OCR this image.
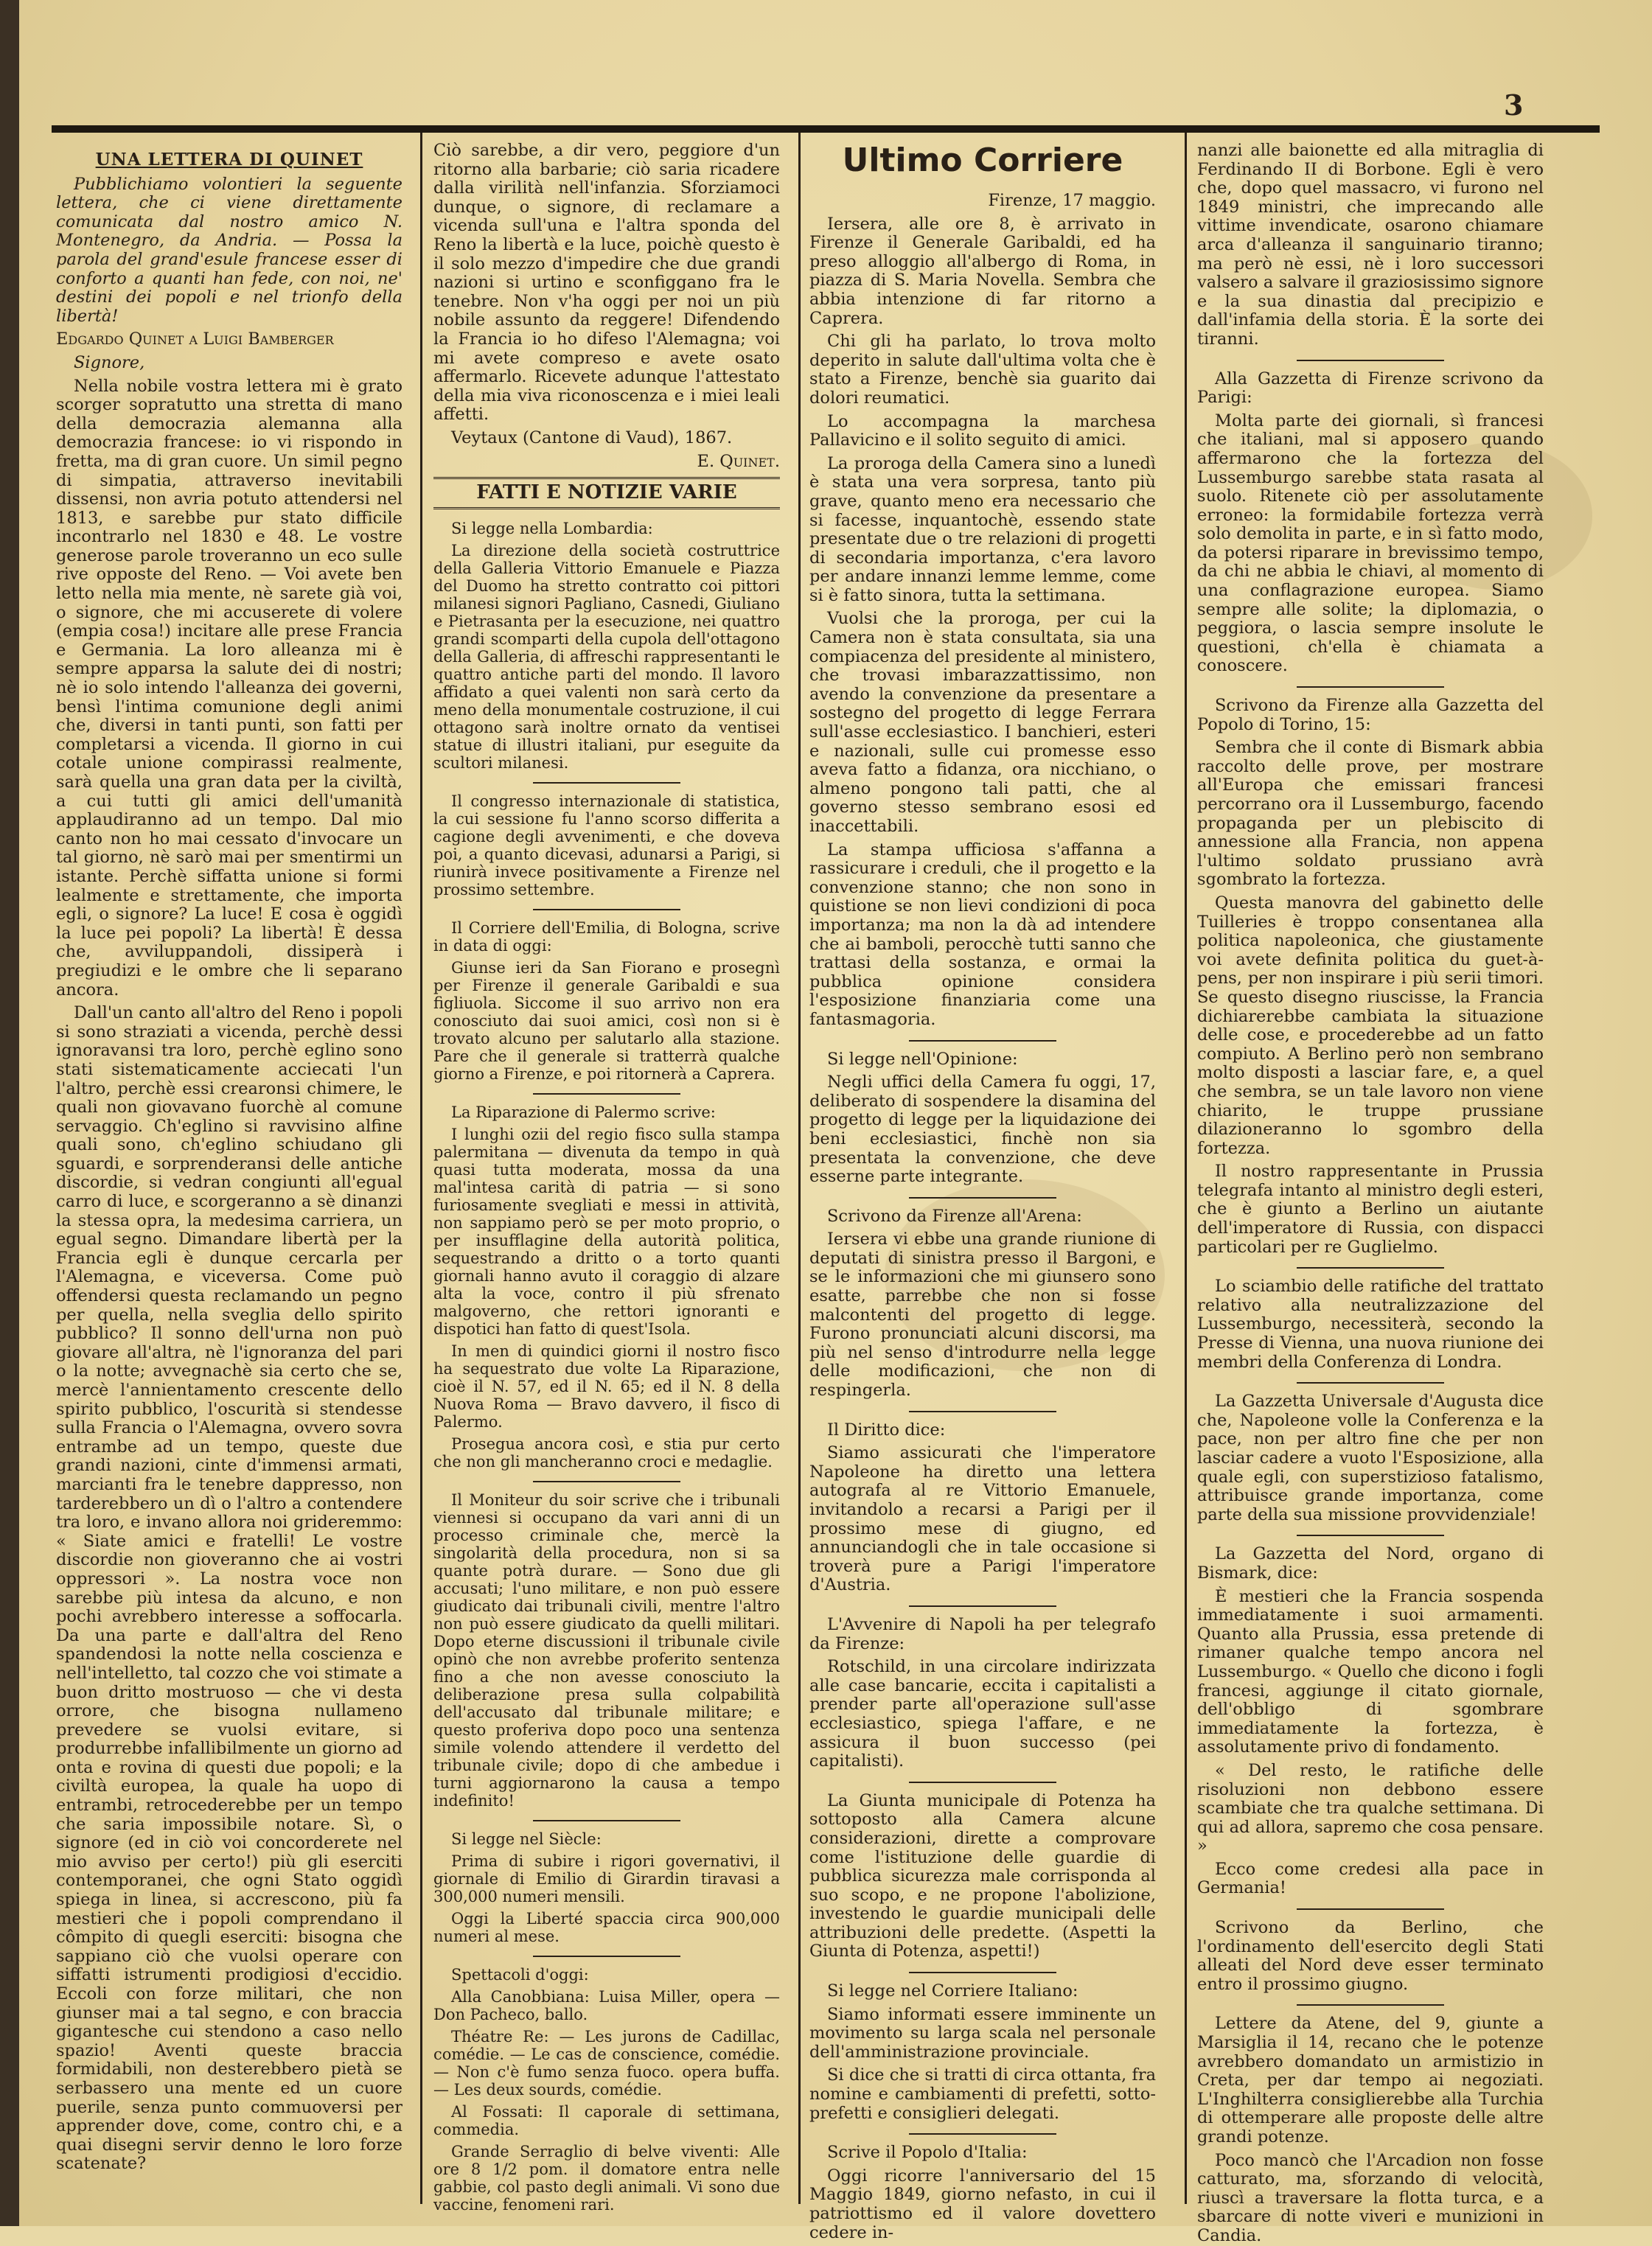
3

UNA LETTERA DI QUINET

Pubblichiamo volontieri la seguente lettera, che ci viene direttamente comunicata dal nostro amico N. Montenegro, da Andria. — Possa la parola del grand'esule francese esser di conforto a quanti han fede, con noi, ne' destini dei popoli e nel trionfo della libertà!

Edgardo Quinet a Luigi Bamberger

Signore,

Nella nobile vostra lettera mi è grato scorger sopratutto una stretta di mano della democrazia alemanna alla democrazia francese: io vi rispondo in fretta, ma di gran cuore. Un simil pegno di simpatia, attraverso inevitabili dissensi, non avria potuto attendersi nel 1813, e sarebbe pur stato difficile incontrarlo nel 1830 e 48. Le vostre generose parole troveranno un eco sulle rive opposte del Reno. — Voi avete ben letto nella mia mente, nè sarete già voi, o signore, che mi accuserete di volere (empia cosa!) incitare alle prese Francia e Germania. La loro alleanza mi è sempre apparsa la salute dei di nostri; nè io solo intendo l'alleanza dei governi, bensì l'intima comunione degli animi che, diversi in tanti punti, son fatti per completarsi a vicenda. Il giorno in cui cotale unione compirassi realmente, sarà quella una gran data per la civiltà, a cui tutti gli amici dell'umanità applaudiranno ad un tempo. Dal mio canto non ho mai cessato d'invocare un tal giorno, nè sarò mai per smentirmi un istante. Perchè siffatta unione si formi lealmente e strettamente, che importa egli, o signore? La luce! E cosa è oggidì la luce pei popoli? La libertà! È dessa che, avviluppandoli, dissiperà i pregiudizi e le ombre che li separano ancora.

Dall'un canto all'altro del Reno i popoli si sono straziati a vicenda, perchè dessi ignoravansi tra loro, perchè eglino sono stati sistematicamente acciecati l'un l'altro, perchè essi crearonsi chimere, le quali non giovavano fuorchè al comune servaggio. Ch'eglino si ravvisino alfine quali sono, ch'eglino schiudano gli sguardi, e sorprenderansi delle antiche discordie, si vedran congiunti all'egual carro di luce, e scorgeranno a sè dinanzi la stessa opra, la medesima carriera, un egual segno. Dimandare libertà per la Francia egli è dunque cercarla per l'Alemagna, e viceversa. Come può offendersi questa reclamando un pegno per quella, nella sveglia dello spirito pubblico? Il sonno dell'urna non può giovare all'altra, nè l'ignoranza del pari o la notte; avvegnachè sia certo che se, mercè l'annientamento crescente dello spirito pubblico, l'oscurità si stendesse sulla Francia o l'Alemagna, ovvero sovra entrambe ad un tempo, queste due grandi nazioni, cinte d'immensi armati, marcianti fra le tenebre dappresso, non tarderebbero un dì o l'altro a contendere tra loro, e invano allora noi grideremmo: « Siate amici e fratelli! Le vostre discordie non gioveranno che ai vostri oppressori ». La nostra voce non sarebbe più intesa da alcuno, e non pochi avrebbero interesse a soffocarla. Da una parte e dall'altra del Reno spandendosi la notte nella coscienza e nell'intelletto, tal cozzo che voi stimate a buon dritto mostruoso — che vi desta orrore, che bisogna nullameno prevedere se vuolsi evitare, si produrrebbe infallibilmente un giorno ad onta e rovina di questi due popoli; e la civiltà europea, la quale ha uopo di entrambi, retrocederebbe per un tempo che saria impossibile notare. Sì, o signore (ed in ciò voi concorderete nel mio avviso per certo!) più gli eserciti contemporanei, che ogni Stato oggidì spiega in linea, si accrescono, più fa mestieri che i popoli comprendano il cômpito di quegli eserciti: bisogna che sappiano ciò che vuolsi operare con siffatti istrumenti prodigiosi d'eccidio. Eccoli con forze militari, che non giunser mai a tal segno, e con braccia gigantesche cui stendono a caso nello spazio! Aventi queste braccia formidabili, non desterebbero pietà se serbassero una mente ed un cuore puerile, senza punto commuoversi per apprender dove, come, contro chi, e a quai disegni servir denno le loro forze scatenate?

Ciò sarebbe, a dir vero, peggiore d'un ritorno alla barbarie; ciò saria ricadere dalla virilità nell'infanzia. Sforziamoci dunque, o signore, di reclamare a vicenda sull'una e l'altra sponda del Reno la libertà e la luce, poichè questo è il solo mezzo d'impedire che due grandi nazioni si urtino e sconfiggano fra le tenebre. Non v'ha oggi per noi un più nobile assunto da reggere! Difendendo la Francia io ho difeso l'Alemagna; voi mi avete compreso e avete osato affermarlo. Ricevete adunque l'attestato della mia viva riconoscenza e i miei leali affetti.

Veytaux (Cantone di Vaud), 1867.

E. Quinet.

FATTI E NOTIZIE VARIE

Si legge nella Lombardia:

La direzione della società costruttrice della Galleria Vittorio Emanuele e Piazza del Duomo ha stretto contratto coi pittori milanesi signori Pagliano, Casnedi, Giuliano e Pietrasanta per la esecuzione, nei quattro grandi scomparti della cupola dell'ottagono della Galleria, di affreschi rappresentanti le quattro antiche parti del mondo. Il lavoro affidato a quei valenti non sarà certo da meno della monumentale costruzione, il cui ottagono sarà inoltre ornato da ventisei statue di illustri italiani, pur eseguite da scultori milanesi.

Il congresso internazionale di statistica, la cui sessione fu l'anno scorso differita a cagione degli avvenimenti, e che doveva poi, a quanto dicevasi, adunarsi a Parigi, si riunirà invece positivamente a Firenze nel prossimo settembre.

Il Corriere dell'Emilia, di Bologna, scrive in data di oggi:

Giunse ieri da San Fiorano e prosegnì per Firenze il generale Garibaldi e sua figliuola. Siccome il suo arrivo non era conosciuto dai suoi amici, così non si è trovato alcuno per salutarlo alla stazione. Pare che il generale si tratterrà qualche giorno a Firenze, e poi ritornerà a Caprera.

La Riparazione di Palermo scrive:

I lunghi ozii del regio fisco sulla stampa palermitana — divenuta da tempo in quà quasi tutta moderata, mossa da una mal'intesa carità di patria — si sono furiosamente svegliati e messi in attività, non sappiamo però se per moto proprio, o per insufflagine della autorità politica, sequestrando a dritto o a torto quanti giornali hanno avuto il coraggio di alzare alta la voce, contro il più sfrenato malgoverno, che rettori ignoranti e dispotici han fatto di quest'Isola.

In men di quindici giorni il nostro fisco ha sequestrato due volte La Riparazione, cioè il N. 57, ed il N. 65; ed il N. 8 della Nuova Roma — Bravo davvero, il fisco di Palermo.

Prosegua ancora così, e stia pur certo che non gli mancheranno croci e medaglie.

Il Moniteur du soir scrive che i tribunali viennesi si occupano da vari anni di un processo criminale che, mercè la singolarità della procedura, non si sa quante potrà durare. — Sono due gli accusati; l'uno militare, e non può essere giudicato dai tribunali civili, mentre l'altro non può essere giudicato da quelli militari. Dopo eterne discussioni il tribunale civile opinò che non avrebbe proferito sentenza fino a che non avesse conosciuto la deliberazione presa sulla colpabilità dell'accusato dal tribunale militare; e questo proferiva dopo poco una sentenza simile volendo attendere il verdetto del tribunale civile; dopo di che ambedue i turni aggiornarono la causa a tempo indefinito!

Si legge nel Siècle:

Prima di subire i rigori governativi, il giornale di Emilio di Girardin tiravasi a 300,000 numeri mensili.

Oggi la Liberté spaccia circa 900,000 numeri al mese.

Spettacoli d'oggi:

Alla Canobbiana: Luisa Miller, opera — Don Pacheco, ballo.

Théatre Re: — Les jurons de Cadillac, comédie. — Le cas de conscience, comédie. — Non c'è fumo senza fuoco. opera buffa. — Les deux sourds, comédie.

Al Fossati: Il caporale di settimana, commedia.

Grande Serraglio di belve viventi: Alle ore 8 1/2 pom. il domatore entra nelle gabbie, col pasto degli animali. Vi sono due vaccine, fenomeni rari.

Ultimo Corriere

Firenze, 17 maggio.

Iersera, alle ore 8, è arrivato in Firenze il Generale Garibaldi, ed ha preso alloggio all'albergo di Roma, in piazza di S. Maria Novella. Sembra che abbia intenzione di far ritorno a Caprera.

Chi gli ha parlato, lo trova molto deperito in salute dall'ultima volta che è stato a Firenze, benchè sia guarito dai dolori reumatici.

Lo accompagna la marchesa Pallavicino e il solito seguito di amici.

La proroga della Camera sino a lunedì è stata una vera sorpresa, tanto più grave, quanto meno era necessario che si facesse, inquantochè, essendo state presentate due o tre relazioni di progetti di secondaria importanza, c'era lavoro per andare innanzi lemme lemme, come si è fatto sinora, tutta la settimana.

Vuolsi che la proroga, per cui la Camera non è stata consultata, sia una compiacenza del presidente al ministero, che trovasi imbarazzattissimo, non avendo la convenzione da presentare a sostegno del progetto di legge Ferrara sull'asse ecclesiastico. I banchieri, esteri e nazionali, sulle cui promesse esso aveva fatto a fidanza, ora nicchiano, o almeno pongono tali patti, che al governo stesso sembrano esosi ed inaccettabili.

La stampa ufficiosa s'affanna a rassicurare i creduli, che il progetto e la convenzione stanno; che non sono in quistione se non lievi condizioni di poca importanza; ma non la dà ad intendere che ai bamboli, perocchè tutti sanno che trattasi della sostanza, e ormai la pubblica opinione considera l'esposizione finanziaria come una fantasmagoria.

Si legge nell'Opinione:

Negli uffici della Camera fu oggi, 17, deliberato di sospendere la disamina del progetto di legge per la liquidazione dei beni ecclesiastici, finchè non sia presentata la convenzione, che deve esserne parte integrante.

Scrivono da Firenze all'Arena:

Iersera vi ebbe una grande riunione di deputati di sinistra presso il Bargoni, e se le informazioni che mi giunsero sono esatte, parrebbe che non si fosse malcontenti del progetto di legge. Furono pronunciati alcuni discorsi, ma più nel senso d'introdurre nella legge delle modificazioni, che non di respingerla.

Il Diritto dice:

Siamo assicurati che l'imperatore Napoleone ha diretto una lettera autografa al re Vittorio Emanuele, invitandolo a recarsi a Parigi per il prossimo mese di giugno, ed annunciandogli che in tale occasione si troverà pure a Parigi l'imperatore d'Austria.

L'Avvenire di Napoli ha per telegrafo da Firenze:

Rotschild, in una circolare indirizzata alle case bancarie, eccita i capitalisti a prender parte all'operazione sull'asse ecclesiastico, spiega l'affare, e ne assicura il buon successo (pei capitalisti).

La Giunta municipale di Potenza ha sottoposto alla Camera alcune considerazioni, dirette a comprovare come l'istituzione delle guardie di pubblica sicurezza male corrisponda al suo scopo, e ne propone l'abolizione, investendo le guardie municipali delle attribuzioni delle predette. (Aspetti la Giunta di Potenza, aspetti!)

Si legge nel Corriere Italiano:

Siamo informati essere imminente un movimento su larga scala nel personale dell'amministrazione provinciale.

Si dice che si tratti di circa ottanta, fra nomine e cambiamenti di prefetti, sotto-prefetti e consiglieri delegati.

Scrive il Popolo d'Italia:

Oggi ricorre l'anniversario del 15 Maggio 1849, giorno nefasto, in cui il patriottismo ed il valore dovettero cedere in-

nanzi alle baionette ed alla mitraglia di Ferdinando II di Borbone. Egli è vero che, dopo quel massacro, vi furono nel 1849 ministri, che imprecando alle vittime invendicate, osarono chiamare arca d'alleanza il sanguinario tiranno; ma però nè essi, nè i loro successori valsero a salvare il graziosissimo signore e la sua dinastia dal precipizio e dall'infamia della storia. È la sorte dei tiranni.

Alla Gazzetta di Firenze scrivono da Parigi:

Molta parte dei giornali, sì francesi che italiani, mal si apposero quando affermarono che la fortezza del Lussemburgo sarebbe stata rasata al suolo. Ritenete ciò per assolutamente erroneo: la formidabile fortezza verrà solo demolita in parte, e in sì fatto modo, da potersi riparare in brevissimo tempo, da chi ne abbia le chiavi, al momento di una conflagrazione europea. Siamo sempre alle solite; la diplomazia, o peggiora, o lascia sempre insolute le questioni, ch'ella è chiamata a conoscere.

Scrivono da Firenze alla Gazzetta del Popolo di Torino, 15:

Sembra che il conte di Bismark abbia raccolto delle prove, per mostrare all'Europa che emissari francesi percorrano ora il Lussemburgo, facendo propaganda per un plebiscito di annessione alla Francia, non appena l'ultimo soldato prussiano avrà sgombrato la fortezza.

Questa manovra del gabinetto delle Tuilleries è troppo consentanea alla politica napoleonica, che giustamente voi avete definita politica du guet-à-pens, per non inspirare i più serii timori. Se questo disegno riuscisse, la Francia dichiarerebbe cambiata la situazione delle cose, e procederebbe ad un fatto compiuto. A Berlino però non sembrano molto disposti a lasciar fare, e, a quel che sembra, se un tale lavoro non viene chiarito, le truppe prussiane dilazioneranno lo sgombro della fortezza.

Il nostro rappresentante in Prussia telegrafa intanto al ministro degli esteri, che è giunto a Berlino un aiutante dell'imperatore di Russia, con dispacci particolari per re Guglielmo.

Lo sciambio delle ratifiche del trattato relativo alla neutralizzazione del Lussemburgo, necessiterà, secondo la Presse di Vienna, una nuova riunione dei membri della Conferenza di Londra.

La Gazzetta Universale d'Augusta dice che, Napoleone volle la Conferenza e la pace, non per altro fine che per non lasciar cadere a vuoto l'Esposizione, alla quale egli, con superstizioso fatalismo, attribuisce grande importanza, come parte della sua missione provvidenziale!

La Gazzetta del Nord, organo di Bismark, dice:

È mestieri che la Francia sospenda immediatamente i suoi armamenti. Quanto alla Prussia, essa pretende di rimaner qualche tempo ancora nel Lussemburgo. « Quello che dicono i fogli francesi, aggiunge il citato giornale, dell'obbligo di sgombrare immediatamente la fortezza, è assolutamente privo di fondamento.

« Del resto, le ratifiche delle risoluzioni non debbono essere scambiate che tra qualche settimana. Di qui ad allora, sapremo che cosa pensare. »

Ecco come credesi alla pace in Germania!

Scrivono da Berlino, che l'ordinamento dell'esercito degli Stati alleati del Nord deve esser terminato entro il prossimo giugno.

Lettere da Atene, del 9, giunte a Marsiglia il 14, recano che le potenze avrebbero domandato un armistizio in Creta, per dar tempo ai negoziati. L'Inghilterra consiglierebbe alla Turchia di ottemperare alle proposte delle altre grandi potenze.

Poco mancò che l'Arcadion non fosse catturato, ma, sforzando di velocità, riuscì a traversare la flotta turca, e a sbarcare di notte viveri e munizioni in Candia.
